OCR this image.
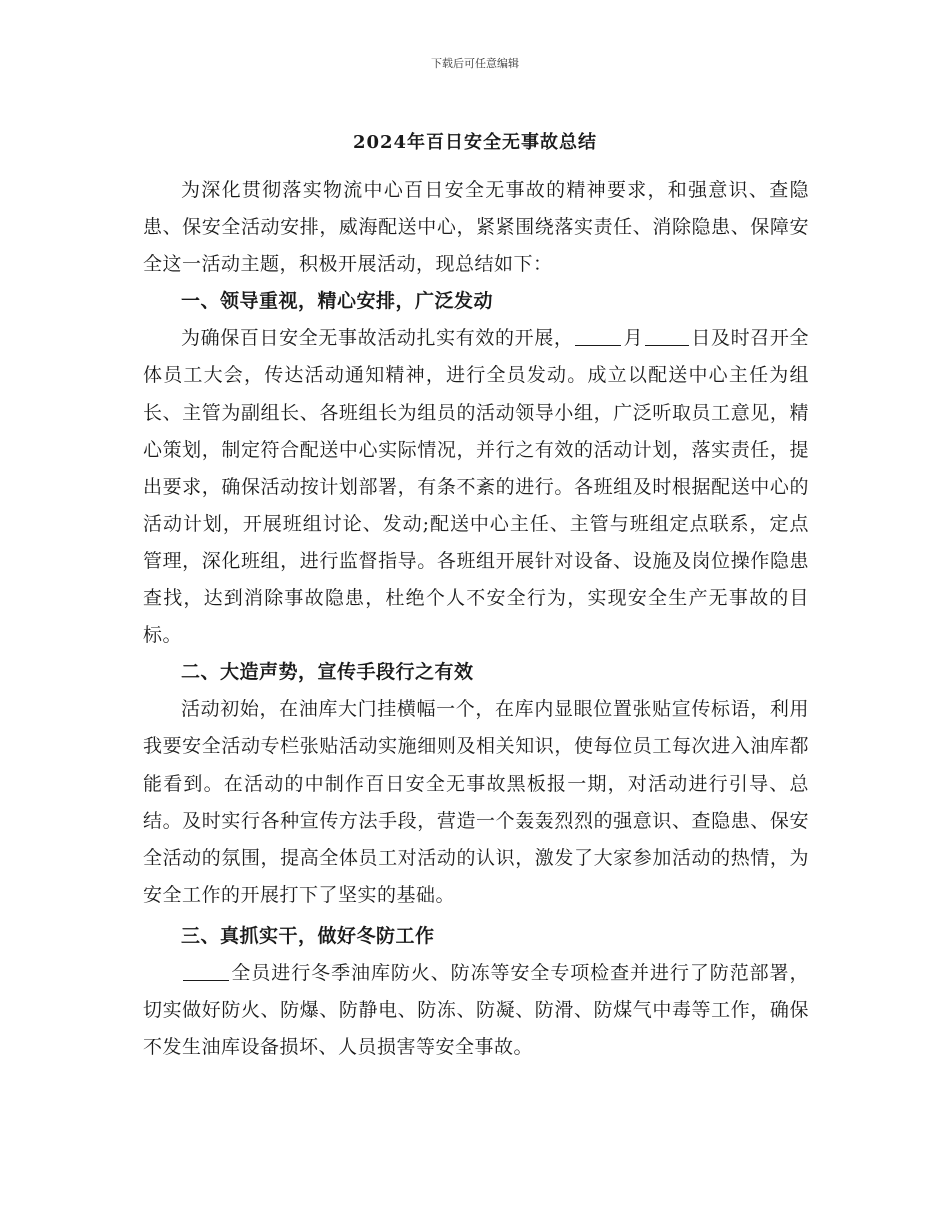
下载后可任意编辑
2024年百日安全无事故总结

为深化贯彻落实物流中心百日安全无事故的精神要求，和强意识、查隐患、保安全活动安排，威海配送中心，紧紧围绕落实责任、消除隐患、保障安全这一活动主题，积极开展活动，现总结如下：

一、领导重视，精心安排，广泛发动

为确保百日安全无事故活动扎实有效的开展，	月	日及时召开全体员工大会，传达活动通知精神，进行全员发动。成立以配送中心主任为组长、主管为副组长、各班组长为组员的活动领导小组，广泛听取员工意见，精心策划，制定符合配送中心实际情况，并行之有效的活动计划，落实责任，提出要求，确保活动按计划部署，有条不紊的进行。各班组及时根据配送中心的活动计划，开展班组讨论、发动;配送中心主任、主管与班组定点联系，定点管理，深化班组，进行监督指导。各班组开展针对设备、设施及岗位操作隐患查找，达到消除事故隐患，杜绝个人不安全行为，实现安全生产无事故的目标。

二、大造声势，宣传手段行之有效

活动初始，在油库大门挂横幅一个，在库内显眼位置张贴宣传标语，利用我要安全活动专栏张贴活动实施细则及相关知识，使每位员工每次进入油库都能看到。在活动的中制作百日安全无事故黑板报一期，对活动进行引导、总结。及时实行各种宣传方法手段，营造一个轰轰烈烈的强意识、查隐患、保安全活动的氛围，提高全体员工对活动的认识，激发了大家参加活动的热情，为安全工作的开展打下了坚实的基础。

三、真抓实干，做好冬防工作

全员进行冬季油库防火、防冻等安全专项检查并进行了防范部署，切实做好防火、防爆、防静电、防冻、防凝、防滑、防煤气中毒等工作，确保不发生油库设备损坏、人员损害等安全事故。
